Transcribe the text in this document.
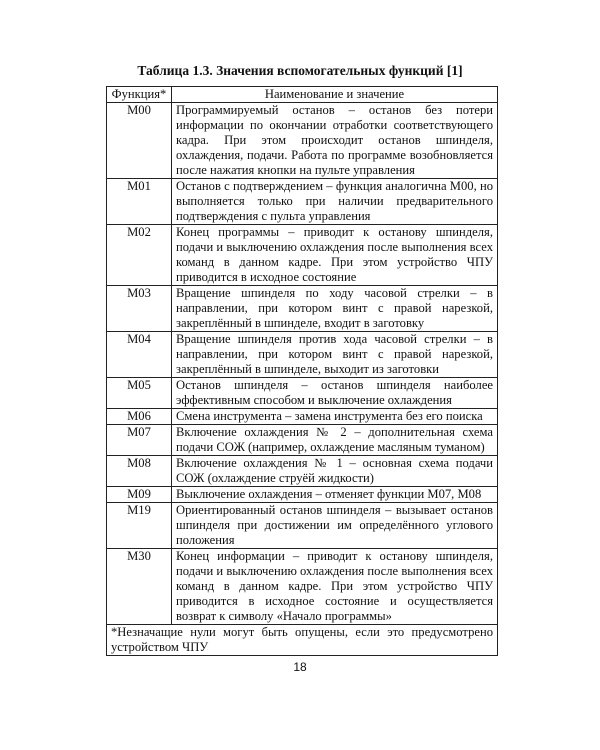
Таблица 1.3. Значения вспомогательных функций [1]
Функция*	Наименование и значение
M00	Программируемый останов – останов без потери информации по окончании отработки соответствующего кадра. При этом происходит останов шпинделя, охлаждения, подачи. Работа по программе возобновляется после нажатия кнопки на пульте управления
M01	Останов с подтверждением – функция аналогична M00, но выполняется только при наличии предварительного подтверждения с пульта управления
M02	Конец программы – приводит к останову шпинделя, подачи и выключению охлаждения после выполнения всех команд в данном кадре. При этом устройство ЧПУ приводится в исходное состояние
M03	Вращение шпинделя по ходу часовой стрелки – в направлении, при котором винт с правой нарезкой, закреплённый в шпинделе, входит в заготовку
M04	Вращение шпинделя против хода часовой стрелки – в направлении, при котором винт с правой нарезкой, закреплённый в шпинделе, выходит из заготовки
M05	Останов шпинделя – останов шпинделя наиболее эффективным способом и выключение охлаждения
M06	Смена инструмента – замена инструмента без его поиска
M07	Включение охлаждения № 2 – дополнительная схема подачи СОЖ (например, охлаждение масляным туманом)
M08	Включение охлаждения № 1 – основная схема подачи СОЖ (охлаждение струёй жидкости)
M09	Выключение охлаждения – отменяет функции M07, M08
M19	Ориентированный останов шпинделя – вызывает останов шпинделя при достижении им определённого углового положения
M30	Конец информации – приводит к останову шпинделя, подачи и выключению охлаждения после выполнения всех команд в данном кадре. При этом устройство ЧПУ приводится в исходное состояние и осуществляется возврат к символу «Начало программы»
*Незначащие нули могут быть опущены, если это предусмотрено устройством ЧПУ	
18
